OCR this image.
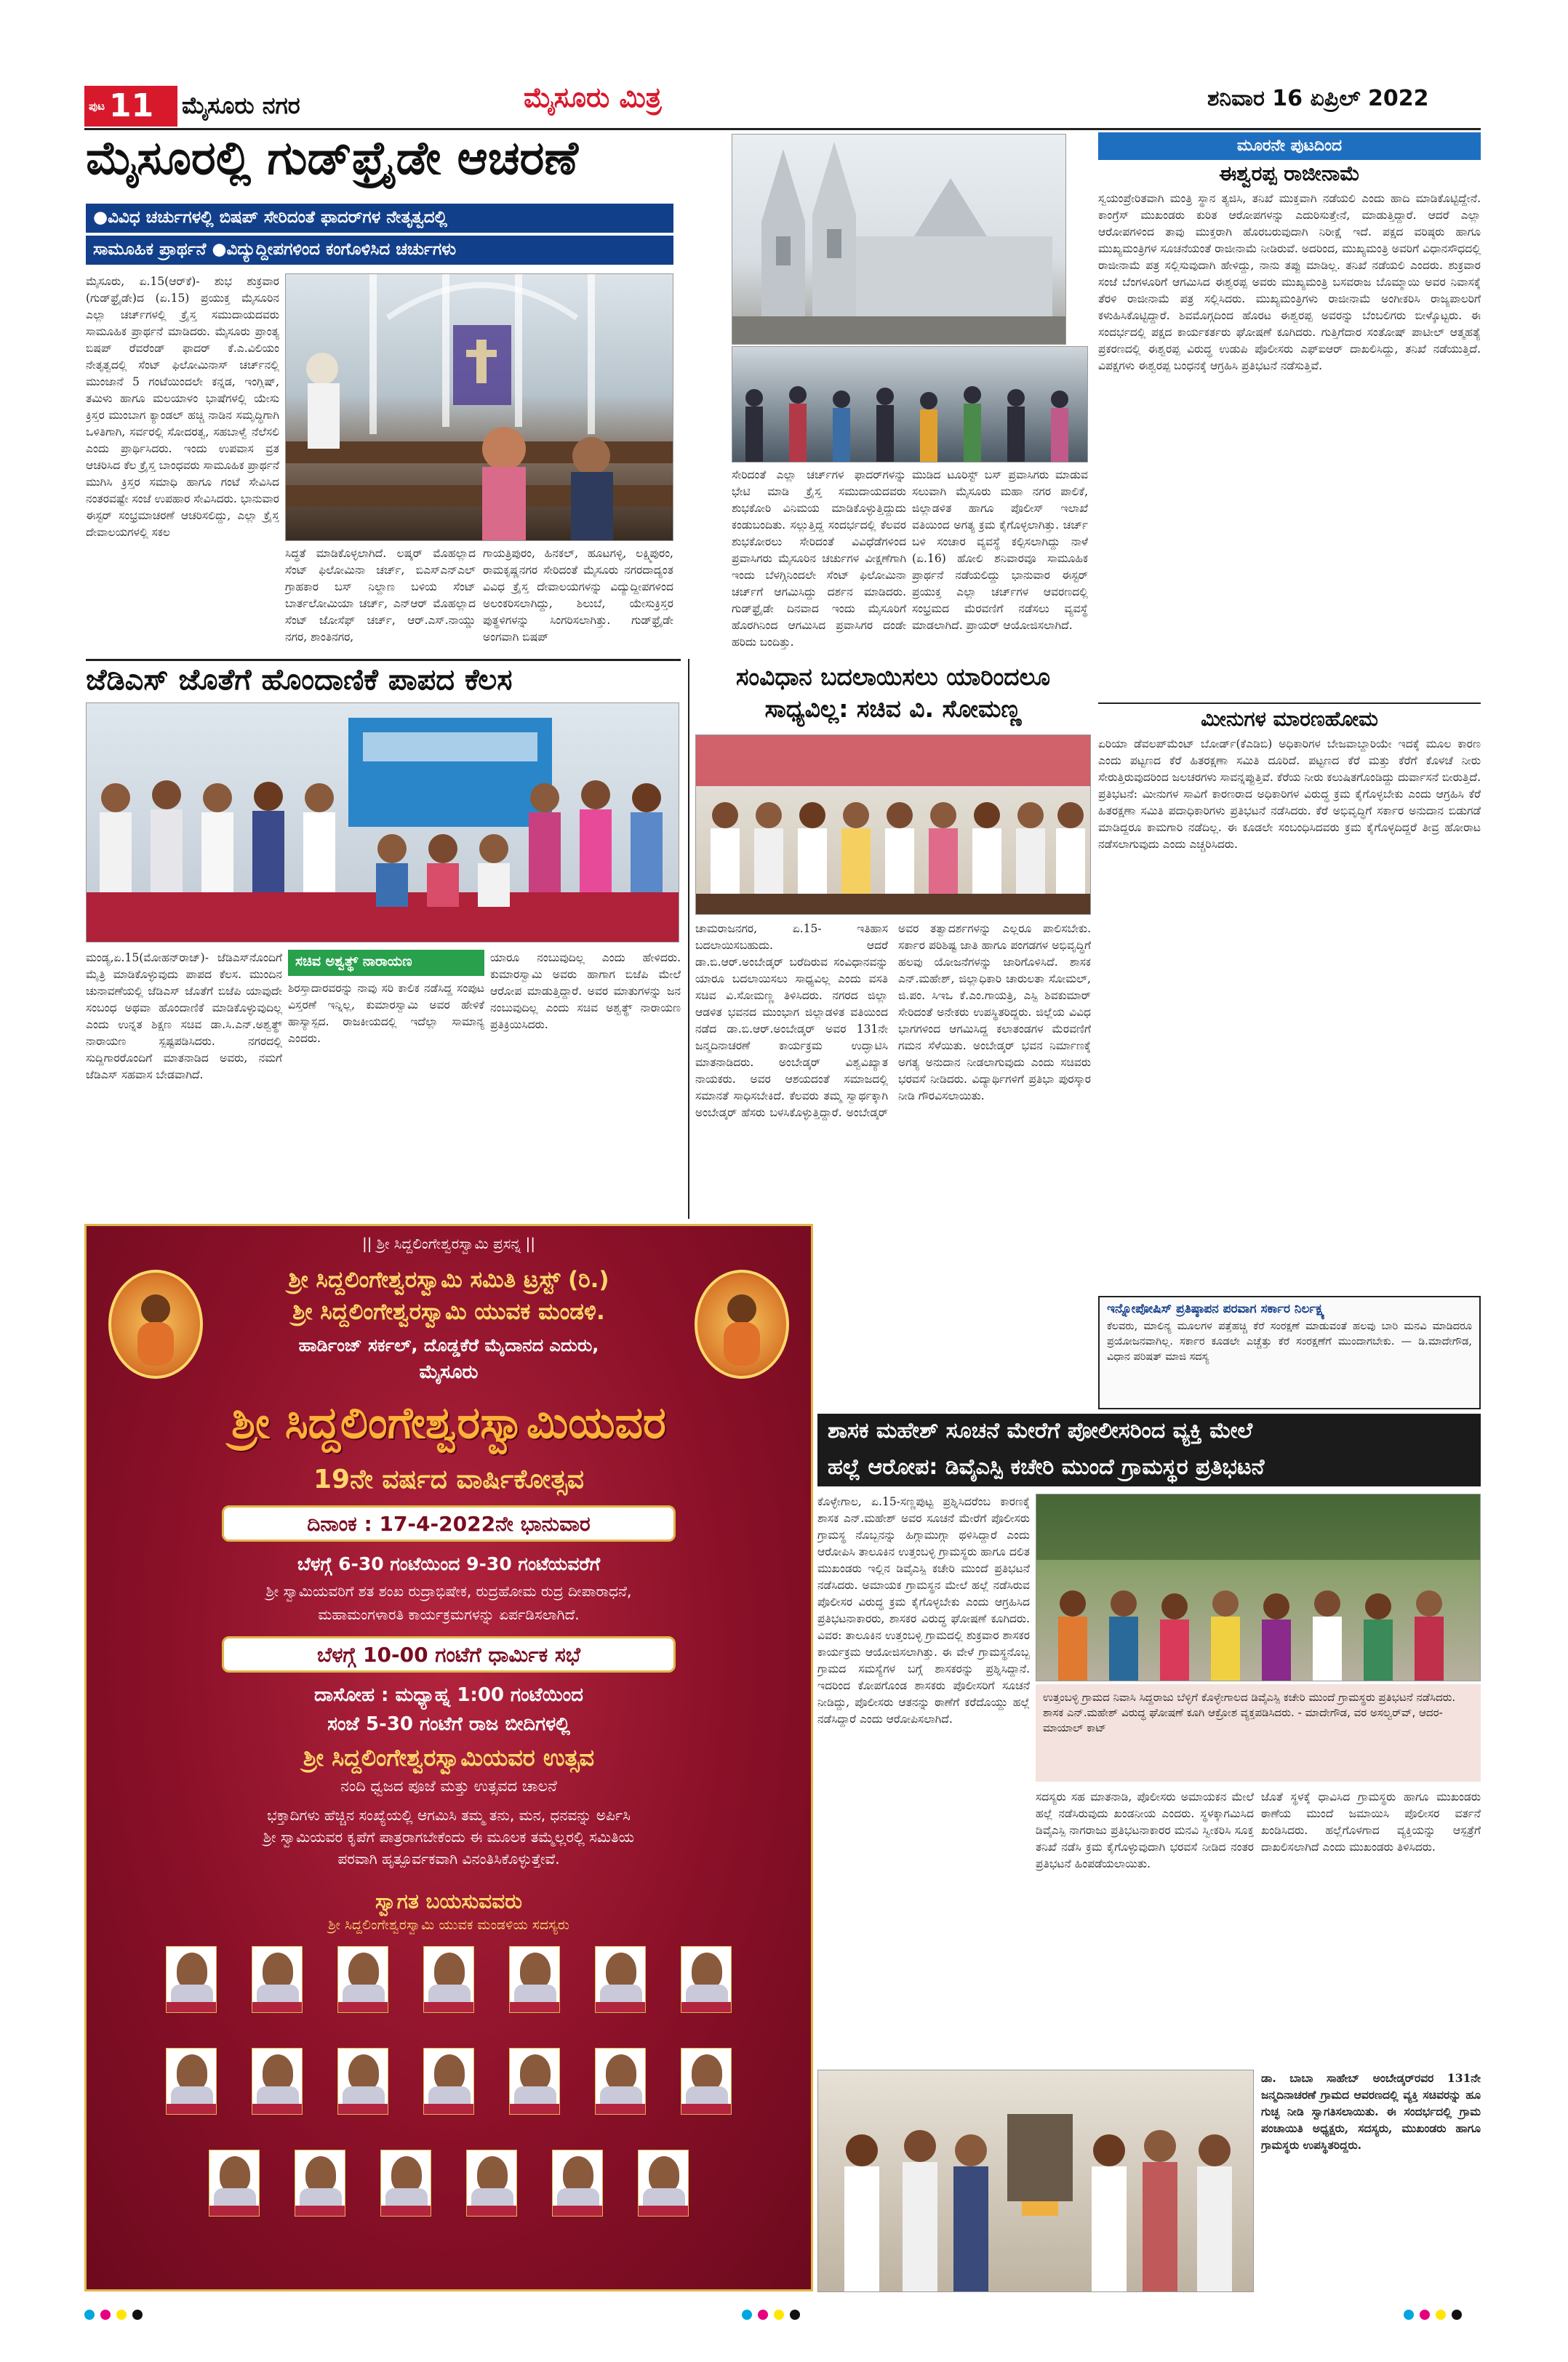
ಪುಟ 11 ಮೈಸೂರು ನಗರ	ಮೈಸೂರು ಮಿತ್ರ	ಶನಿವಾರ 16 ಏಪ್ರಿಲ್ 2022
ಮೈಸೂರಲ್ಲಿ ಗುಡ್‌ಫ್ರೈಡೇ ಆಚರಣೆ
●ವಿವಿಧ ಚರ್ಚುಗಳಲ್ಲಿ ಬಿಷಪ್ ಸೇರಿದಂತೆ ಫಾದರ್‌ಗಳ ನೇತೃತ್ವದಲ್ಲಿ
ಸಾಮೂಹಿಕ ಪ್ರಾರ್ಥನೆ ●ವಿದ್ಯುದ್ದೀಪಗಳಿಂದ ಕಂಗೊಳಿಸಿದ ಚರ್ಚುಗಳು
ಮೈಸೂರು, ಏ.15(ಆರ್‌ಕೆ)- ಶುಭ ಶುಕ್ರವಾರ (ಗುಡ್‌ಫ್ರೈಡೇ)ದ (ಏ.15) ಪ್ರಯುಕ್ತ ಮೈಸೂರಿನ ಎಲ್ಲಾ ಚರ್ಚ್‌ಗಳಲ್ಲಿ ಕ್ರೈಸ್ತ ಸಮುದಾಯದವರು ಸಾಮೂಹಿಕ ಪ್ರಾರ್ಥನೆ ಮಾಡಿದರು. ಮೈಸೂರು ಪ್ರಾಂತ್ಯ ಬಿಷಪ್ ರೆವರೆಂಡ್ ಫಾದರ್ ಕೆ.ಎ.ವಿಲಿಯಂ ನೇತೃತ್ವದಲ್ಲಿ ಸೆಂಟ್ ಫಿಲೋಮಿನಾಸ್ ಚರ್ಚ್‌ನಲ್ಲಿ ಮುಂಜಾನೆ 5 ಗಂಟೆಯಿಂದಲೇ ಕನ್ನಡ, ಇಂಗ್ಲಿಷ್, ತಮಿಳು ಹಾಗೂ ಮಲಯಾಳಂ ಭಾಷೆಗಳಲ್ಲಿ ಯೇಸು ಕ್ರಿಸ್ತರ ಮುಂಬಾಗ ಕ್ಯಾಂಡಲ್ ಹಚ್ಚಿ ನಾಡಿನ ಸಮೃದ್ಧಿಗಾಗಿ ಒಳಿತಿಗಾಗಿ, ಸರ್ವರಲ್ಲಿ ಸೋದರತ್ವ, ಸಹಬಾಳ್ವೆ ನೆಲೆಸಲಿ ಎಂದು ಪ್ರಾರ್ಥಿಸಿದರು. ಇಂದು ಉಪವಾಸ ವ್ರತ ಆಚರಿಸಿದ ಕೆಲ ಕ್ರೈಸ್ತ ಬಾಂಧವರು ಸಾಮೂಹಿಕ ಪ್ರಾರ್ಥನೆ ಮುಗಿಸಿ ಕ್ರಿಸ್ತರ ಸಮಾಧಿ ಹಾಗೂ ಗಂಟೆ ಸೇವಿಸಿದ ನಂತರವಷ್ಟೇ ಸಂಜೆ ಉಪಹಾರ ಸೇವಿಸಿದರು. ಭಾನುವಾರ ಈಸ್ಟರ್ ಸಂಭ್ರಮಾಚರಣೆ ಆಚರಿಸಲಿದ್ದು, ಎಲ್ಲಾ ಕ್ರೈಸ್ತ ದೇವಾಲಯಗಳಲ್ಲಿ ಸಕಲ
ಸಿದ್ಧತೆ ಮಾಡಿಕೊಳ್ಳಲಾಗಿದೆ. ಲಷ್ಕರ್ ಮೊಹಲ್ಲಾದ ಸೆಂಟ್ ಫಿಲೋಮಿನಾ ಚರ್ಚ್, ಬಿಎಸ್‌ಎನ್‌ಎಲ್ ಗ್ರಾಹಕಾರ ಬಸ್ ನಿಲ್ದಾಣ ಬಳಿಯ ಸೆಂಟ್ ಬಾರ್ತಲೋಮಿಯಾ ಚರ್ಚ್, ಎನ್‌ಆರ್ ಮೊಹಲ್ಲಾದ ಸೆಂಟ್ ಜೋಸೆಫ್ ಚರ್ಚ್, ಆರ್.ಎಸ್.ನಾಯ್ಡು ನಗರ, ಶಾಂತಿನಗರ,
ಗಾಯತ್ರಿಪುರಂ, ಹಿನಕಲ್, ಹೂಟಗಳ್ಳಿ, ಲಕ್ಷ್ಮಿಪುರಂ, ರಾಮಕೃಷ್ಣನಗರ ಸೇರಿದಂತೆ ಮೈಸೂರು ನಗರದಾದ್ಯಂತ ವಿವಿಧ ಕ್ರೈಸ್ತ ದೇವಾಲಯಗಳನ್ನು ವಿದ್ಯುದ್ದೀಪಗಳಿಂದ ಅಲಂಕರಿಸಲಾಗಿದ್ದು, ಶಿಲುಬೆ, ಯೇಸುಕ್ರಿಸ್ತರ ಪುತ್ಥಳಿಗಳನ್ನು ಸಿಂಗರಿಸಲಾಗಿತ್ತು. ಗುಡ್‌ಫ್ರೈಡೇ ಅಂಗವಾಗಿ ಬಿಷಪ್
ಸೇರಿದಂತೆ ಎಲ್ಲಾ ಚರ್ಚ್‌ಗಳ ಫಾದರ್‌ಗಳನ್ನು ಭೇಟಿ ಮಾಡಿ ಕ್ರೈಸ್ತ ಸಮುದಾಯದವರು ಶುಭಕೋರಿ ವಿನಿಮಯ ಮಾಡಿಕೊಳ್ಳುತ್ತಿದ್ದುದು ಕಂಡುಬಂದಿತು. ಸಲ್ಲುತ್ತಿದ್ದ ಸಂದರ್ಭದಲ್ಲಿ ಕೆಲವರ ಶುಭಕೋರಲು ಸೇರಿದಂತೆ ವಿವಿಧೆಡೆಗಳಿಂದ ಪ್ರವಾಸಿಗರು ಮೈಸೂರಿನ ಚರ್ಚುಗಳ ವೀಕ್ಷಣೆಗಾಗಿ ಇಂದು ಬೆಳಗ್ಗಿನಿಂದಲೇ ಸೆಂಟ್ ಫಿಲೋಮಿನಾ ಚರ್ಚ್‌ಗೆ ಆಗಮಿಸಿದ್ದು ದರ್ಶನ ಮಾಡಿದರು. ಗುಡ್‌ಫ್ರೈಡೇ ದಿನವಾದ ಇಂದು ಮೈಸೂರಿಗೆ ಹೊರಗಿನಿಂದ ಆಗಮಿಸಿದ ಪ್ರವಾಸಿಗರ ದಂಡೇ ಹರಿದು ಬಂದಿತ್ತು.
ಮುಡಿದ ಟೂರಿಸ್ಟ್ ಬಸ್ ಪ್ರವಾಸಿಗರು ಮಾಡುವ ಸಲುವಾಗಿ ಮೈಸೂರು ಮಹಾ ನಗರ ಪಾಲಿಕೆ, ಜಿಲ್ಲಾಡಳಿತ ಹಾಗೂ ಪೊಲೀಸ್ ಇಲಾಖೆ ವತಿಯಿಂದ ಅಗತ್ಯ ಕ್ರಮ ಕೈಗೊಳ್ಳಲಾಗಿತ್ತು. ಚರ್ಚ್ ಬಳಿ ಸಂಚಾರ ವ್ಯವಸ್ಥೆ ಕಲ್ಪಿಸಲಾಗಿದ್ದು ನಾಳೆ (ಏ.16) ಹೋಲಿ ಶನಿವಾರವೂ ಸಾಮೂಹಿಕ ಪ್ರಾರ್ಥನೆ ನಡೆಯಲಿದ್ದು ಭಾನುವಾರ ಈಸ್ಟರ್ ಪ್ರಯುಕ್ತ ಎಲ್ಲಾ ಚರ್ಚ್‌ಗಳ ಆವರಣದಲ್ಲಿ ಸಂಭ್ರಮದ ಮೆರವಣಿಗೆ ನಡೆಸಲು ವ್ಯವಸ್ಥೆ ಮಾಡಲಾಗಿದೆ. ಪ್ರಾಯರ್ ಆಯೋಜಿಸಲಾಗಿದೆ.
ಮೂರನೇ ಪುಟದಿಂದ
ಈಶ್ವರಪ್ಪ ರಾಜೀನಾಮೆ
ಸ್ವಯಂಪ್ರೇರಿತವಾಗಿ ಮಂತ್ರಿ ಸ್ಥಾನ ತ್ಯಜಿಸಿ, ತನಿಖೆ ಮುಕ್ತವಾಗಿ ನಡೆಯಲಿ ಎಂದು ಹಾದಿ ಮಾಡಿಕೊಟ್ಟಿದ್ದೇನೆ. ಕಾಂಗ್ರೆಸ್ ಮುಖಂಡರು ಕುರಿತ ಆರೋಪಗಳನ್ನು ಎದುರಿಸುತ್ತೇನೆ, ಮಾಡುತ್ತಿದ್ದಾರೆ. ಆದರೆ ಎಲ್ಲಾ ಆರೋಪಗಳಿಂದ ತಾವು ಮುಕ್ತರಾಗಿ ಹೊರಬರುವುದಾಗಿ ನಿರೀಕ್ಷೆ ಇದೆ. ಪಕ್ಷದ ವರಿಷ್ಠರು ಹಾಗೂ ಮುಖ್ಯಮಂತ್ರಿಗಳ ಸೂಚನೆಯಂತೆ ರಾಜೀನಾಮೆ ನೀಡಿರುವೆ. ಅದರಿಂದ, ಮುಖ್ಯಮಂತ್ರಿ ಅವರಿಗೆ ವಿಧಾನಸೌಧದಲ್ಲಿ ರಾಜೀನಾಮೆ ಪತ್ರ ಸಲ್ಲಿಸುವುದಾಗಿ ಹೇಳಿದ್ದು, ನಾನು ತಪ್ಪು ಮಾಡಿಲ್ಲ. ತನಿಖೆ ನಡೆಯಲಿ ಎಂದರು. ಶುಕ್ರವಾರ ಸಂಜೆ ಬೆಂಗಳೂರಿಗೆ ಆಗಮಿಸಿದ ಈಶ್ವರಪ್ಪ ಅವರು ಮುಖ್ಯಮಂತ್ರಿ ಬಸವರಾಜ ಬೊಮ್ಮಾಯಿ ಅವರ ನಿವಾಸಕ್ಕೆ ತೆರಳಿ ರಾಜೀನಾಮೆ ಪತ್ರ ಸಲ್ಲಿಸಿದರು. ಮುಖ್ಯಮಂತ್ರಿಗಳು ರಾಜೀನಾಮೆ ಅಂಗೀಕರಿಸಿ ರಾಜ್ಯಪಾಲರಿಗೆ ಕಳುಹಿಸಿಕೊಟ್ಟಿದ್ದಾರೆ. ಶಿವಮೊಗ್ಗದಿಂದ ಹೊರಟ ಈಶ್ವರಪ್ಪ ಅವರನ್ನು ಬೆಂಬಲಿಗರು ಬೀಳ್ಕೊಟ್ಟರು. ಈ ಸಂದರ್ಭದಲ್ಲಿ ಪಕ್ಷದ ಕಾರ್ಯಕರ್ತರು ಘೋಷಣೆ ಕೂಗಿದರು. ಗುತ್ತಿಗೆದಾರ ಸಂತೋಷ್ ಪಾಟೀಲ್ ಆತ್ಮಹತ್ಯೆ ಪ್ರಕರಣದಲ್ಲಿ ಈಶ್ವರಪ್ಪ ವಿರುದ್ಧ ಉಡುಪಿ ಪೊಲೀಸರು ಎಫ್‌ಐಆರ್ ದಾಖಲಿಸಿದ್ದು, ತನಿಖೆ ನಡೆಯುತ್ತಿದೆ. ವಿಪಕ್ಷಗಳು ಈಶ್ವರಪ್ಪ ಬಂಧನಕ್ಕೆ ಆಗ್ರಹಿಸಿ ಪ್ರತಿಭಟನೆ ನಡೆಸುತ್ತಿವೆ.
ಮೀನುಗಳ ಮಾರಣಹೋಮ
ಏರಿಯಾ ಡೆವಲಪ್‌ಮೆಂಟ್ ಬೋರ್ಡ್(ಕೆಎಡಿಬಿ) ಅಧಿಕಾರಿಗಳ ಬೇಜವಾಬ್ದಾರಿಯೇ ಇದಕ್ಕೆ ಮೂಲ ಕಾರಣ ಎಂದು ಪಟ್ಟಣದ ಕೆರೆ ಹಿತರಕ್ಷಣಾ ಸಮಿತಿ ದೂರಿದೆ. ಪಟ್ಟಣದ ಕೆರೆ ಮತ್ತು ಕೆರೆಗೆ ಕೊಳಚೆ ನೀರು ಸೇರುತ್ತಿರುವುದರಿಂದ ಜಲಚರಗಳು ಸಾವನ್ನಪ್ಪುತ್ತಿವೆ. ಕೆರೆಯ ನೀರು ಕಲುಷಿತಗೊಂಡಿದ್ದು ದುರ್ವಾಸನೆ ಬೀರುತ್ತಿದೆ. ಪ್ರತಿಭಟನೆ: ಮೀನುಗಳ ಸಾವಿಗೆ ಕಾರಣರಾದ ಅಧಿಕಾರಿಗಳ ವಿರುದ್ಧ ಕ್ರಮ ಕೈಗೊಳ್ಳಬೇಕು ಎಂದು ಆಗ್ರಹಿಸಿ ಕೆರೆ ಹಿತರಕ್ಷಣಾ ಸಮಿತಿ ಪದಾಧಿಕಾರಿಗಳು ಪ್ರತಿಭಟನೆ ನಡೆಸಿದರು. ಕೆರೆ ಅಭಿವೃದ್ಧಿಗೆ ಸರ್ಕಾರ ಅನುದಾನ ಬಿಡುಗಡೆ ಮಾಡಿದ್ದರೂ ಕಾಮಗಾರಿ ನಡೆದಿಲ್ಲ. ಈ ಕೂಡಲೇ ಸಂಬಂಧಿಸಿದವರು ಕ್ರಮ ಕೈಗೊಳ್ಳದಿದ್ದರೆ ತೀವ್ರ ಹೋರಾಟ ನಡೆಸಲಾಗುವುದು ಎಂದು ಎಚ್ಚರಿಸಿದರು.
ಇನ್ನೋಪೋಷಿಸ್ ಪ್ರತಿಷ್ಠಾಪನ ಪರವಾಗ ಸರ್ಕಾರ ನಿರ್ಲಕ್ಷ್ಯ
ಕೆಲವರು, ಮಾಲಿನ್ಯ ಮೂಲಗಳ ಪತ್ತೆಹಚ್ಚಿ ಕೆರೆ ಸಂರಕ್ಷಣೆ ಮಾಡುವಂತೆ ಹಲವು ಬಾರಿ ಮನವಿ ಮಾಡಿದರೂ ಪ್ರಯೋಜನವಾಗಿಲ್ಲ. ಸರ್ಕಾರ ಕೂಡಲೇ ಎಚ್ಚೆತ್ತು ಕೆರೆ ಸಂರಕ್ಷಣೆಗೆ ಮುಂದಾಗಬೇಕು. — ಡಿ.ಮಾದೇಗೌಡ, ವಿಧಾನ ಪರಿಷತ್ ಮಾಜಿ ಸದಸ್ಯ
ಜೆಡಿಎಸ್ ಜೊತೆಗೆ ಹೊಂದಾಣಿಕೆ ಪಾಪದ ಕೆಲಸ
ಮಂಡ್ಯ,ಏ.15(ಮೋಹನ್‌ರಾಜ್)- ಜೆಡಿಎಸ್‌ನೊಂದಿಗೆ ಮೈತ್ರಿ ಮಾಡಿಕೊಳ್ಳುವುದು ಪಾಪದ ಕೆಲಸ. ಮುಂದಿನ ಚುನಾವಣೆಯಲ್ಲಿ ಜೆಡಿಎಸ್ ಜೊತೆಗೆ ಬಿಜೆಪಿ ಯಾವುದೇ ಸಂಬಂಧ ಅಥವಾ ಹೊಂದಾಣಿಕೆ ಮಾಡಿಕೊಳ್ಳುವುದಿಲ್ಲ ಎಂದು ಉನ್ನತ ಶಿಕ್ಷಣ ಸಚಿವ ಡಾ.ಸಿ.ಎನ್.ಅಶ್ವತ್ಥ್ ನಾರಾಯಣ ಸ್ಪಷ್ಟಪಡಿಸಿದರು. ನಗರದಲ್ಲಿ ಸುದ್ದಿಗಾರರೊಂದಿಗೆ ಮಾತನಾಡಿದ ಅವರು, ನಮಗೆ ಜೆಡಿಎಸ್ ಸಹವಾಸ ಬೇಡವಾಗಿದೆ.
ಸಚಿವ ಅಶ್ವತ್ಥ್ ನಾರಾಯಣ
ಶಿರಸ್ತಾದಾರವರನ್ನು ನಾವು ಸರಿ ಕಾಲಿಕ ನಡೆಸಿದ್ದ ಸಂಪುಟ ವಿಸ್ತರಣೆ ಇನ್ನಿಲ್ಲ, ಕುಮಾರಸ್ವಾಮಿ ಅವರ ಹೇಳಿಕೆ ಹಾಸ್ಯಾಸ್ಪದ. ರಾಜಕೀಯದಲ್ಲಿ ಇದೆಲ್ಲಾ ಸಾಮಾನ್ಯ ಎಂದರು.
ಯಾರೂ ನಂಬುವುದಿಲ್ಲ ಎಂದು ಹೇಳಿದರು. ಕುಮಾರಸ್ವಾಮಿ ಅವರು ಹಾಗಾಗ ಬಿಜೆಪಿ ಮೇಲೆ ಆರೋಪ ಮಾಡುತ್ತಿದ್ದಾರೆ. ಅವರ ಮಾತುಗಳನ್ನು ಜನ ನಂಬುವುದಿಲ್ಲ ಎಂದು ಸಚಿವ ಅಶ್ವತ್ಥ್ ನಾರಾಯಣ ಪ್ರತಿಕ್ರಿಯಿಸಿದರು.
ಸಂವಿಧಾನ ಬದಲಾಯಿಸಲು ಯಾರಿಂದಲೂ
ಸಾಧ್ಯವಿಲ್ಲ: ಸಚಿವ ವಿ. ಸೋಮಣ್ಣ
ಚಾಮರಾಜನಗರ, ಏ.15- ಇತಿಹಾಸ ಬದಲಾಯಿಸಬಹುದು. ಆದರೆ ಡಾ.ಬಿ.ಆರ್.ಅಂಬೇಡ್ಕರ್ ಬರೆದಿರುವ ಸಂವಿಧಾನವನ್ನು ಯಾರೂ ಬದಲಾಯಿಸಲು ಸಾಧ್ಯವಿಲ್ಲ ಎಂದು ವಸತಿ ಸಚಿವ ವಿ.ಸೋಮಣ್ಣ ತಿಳಿಸಿದರು. ನಗರದ ಜಿಲ್ಲಾ ಆಡಳಿತ ಭವನದ ಮುಂಭಾಗ ಜಿಲ್ಲಾಡಳಿತ ವತಿಯಿಂದ ನಡೆದ ಡಾ.ಬಿ.ಆರ್.ಅಂಬೇಡ್ಕರ್ ಅವರ 131ನೇ ಜನ್ಮದಿನಾಚರಣೆ ಕಾರ್ಯಕ್ರಮ ಉದ್ಘಾಟಿಸಿ ಮಾತನಾಡಿದರು. ಅಂಬೇಡ್ಕರ್ ವಿಶ್ವವಿಖ್ಯಾತ ನಾಯಕರು. ಅವರ ಆಶಯದಂತೆ ಸಮಾಜದಲ್ಲಿ ಸಮಾನತೆ ಸಾಧಿಸಬೇಕಿದೆ. ಕೆಲವರು ತಮ್ಮ ಸ್ವಾರ್ಥಕ್ಕಾಗಿ ಅಂಬೇಡ್ಕರ್ ಹೆಸರು ಬಳಸಿಕೊಳ್ಳುತ್ತಿದ್ದಾರೆ. ಅಂಬೇಡ್ಕರ್ ಅವರ ತತ್ವಾದರ್ಶಗಳನ್ನು ಎಲ್ಲರೂ ಪಾಲಿಸಬೇಕು. ಸರ್ಕಾರ ಪರಿಶಿಷ್ಟ ಜಾತಿ ಹಾಗೂ ಪಂಗಡಗಳ ಅಭಿವೃದ್ಧಿಗೆ ಹಲವು ಯೋಜನೆಗಳನ್ನು ಜಾರಿಗೊಳಿಸಿದೆ. ಶಾಸಕ ಎನ್.ಮಹೇಶ್, ಜಿಲ್ಲಾಧಿಕಾರಿ ಚಾರುಲತಾ ಸೋಮಲ್, ಜಿ.ಪಂ. ಸಿಇಒ ಕೆ.ಎಂ.ಗಾಯತ್ರಿ, ಎಸ್ಪಿ ಶಿವಕುಮಾರ್ ಸೇರಿದಂತೆ ಅನೇಕರು ಉಪಸ್ಥಿತರಿದ್ದರು. ಜಿಲ್ಲೆಯ ವಿವಿಧ ಭಾಗಗಳಿಂದ ಆಗಮಿಸಿದ್ದ ಕಲಾತಂಡಗಳ ಮೆರವಣಿಗೆ ಗಮನ ಸೆಳೆಯಿತು. ಅಂಬೇಡ್ಕರ್ ಭವನ ನಿರ್ಮಾಣಕ್ಕೆ ಅಗತ್ಯ ಅನುದಾನ ನೀಡಲಾಗುವುದು ಎಂದು ಸಚಿವರು ಭರವಸೆ ನೀಡಿದರು. ವಿದ್ಯಾರ್ಥಿಗಳಿಗೆ ಪ್ರತಿಭಾ ಪುರಸ್ಕಾರ ನೀಡಿ ಗೌರವಿಸಲಾಯಿತು.
|| ಶ್ರೀ ಸಿದ್ದಲಿಂಗೇಶ್ವರಸ್ವಾಮಿ ಪ್ರಸನ್ನ ||
ಶ್ರೀ ಸಿದ್ದಲಿಂಗೇಶ್ವರಸ್ವಾಮಿ ಸಮಿತಿ ಟ್ರಸ್ಟ್ (ರಿ.)
ಶ್ರೀ ಸಿದ್ದಲಿಂಗೇಶ್ವರಸ್ವಾಮಿ ಯುವಕ ಮಂಡಳಿ.
ಹಾರ್ಡಿಂಜ್ ಸರ್ಕಲ್, ದೊಡ್ಡಕೆರೆ ಮೈದಾನದ ಎದುರು,
ಮೈಸೂರು
ಶ್ರೀ ಸಿದ್ದಲಿಂಗೇಶ್ವರಸ್ವಾಮಿಯವರ
19ನೇ ವರ್ಷದ ವಾರ್ಷಿಕೋತ್ಸವ
ದಿನಾಂಕ : 17-4-2022ನೇ ಭಾನುವಾರ
ಬೆಳಗ್ಗೆ 6-30 ಗಂಟೆಯಿಂದ 9-30 ಗಂಟೆಯವರೆಗೆ
ಶ್ರೀ ಸ್ವಾಮಿಯವರಿಗೆ ಶತ ಶಂಖ ರುದ್ರಾಭಿಷೇಕ, ರುದ್ರಹೋಮ ರುದ್ರ ದೀಪಾರಾಧನೆ,
ಮಹಾಮಂಗಳಾರತಿ ಕಾರ್ಯಕ್ರಮಗಳನ್ನು ಏರ್ಪಡಿಸಲಾಗಿದೆ.
ಬೆಳಗ್ಗೆ 10-00 ಗಂಟೆಗೆ ಧಾರ್ಮಿಕ ಸಭೆ
ದಾಸೋಹ : ಮಧ್ಯಾಹ್ನ 1:00 ಗಂಟೆಯಿಂದ
ಸಂಜೆ 5-30 ಗಂಟೆಗೆ ರಾಜ ಬೀದಿಗಳಲ್ಲಿ
ಶ್ರೀ ಸಿದ್ದಲಿಂಗೇಶ್ವರಸ್ವಾಮಿಯವರ ಉತ್ಸವ
ನಂದಿ ಧ್ವಜದ ಪೂಜೆ ಮತ್ತು ಉತ್ಸವದ ಚಾಲನೆ
ಭಕ್ತಾದಿಗಳು ಹೆಚ್ಚಿನ ಸಂಖ್ಯೆಯಲ್ಲಿ ಆಗಮಿಸಿ ತಮ್ಮ ತನು, ಮನ, ಧನವನ್ನು ಅರ್ಪಿಸಿ
ಶ್ರೀ ಸ್ವಾಮಿಯವರ ಕೃಪೆಗೆ ಪಾತ್ರರಾಗಬೇಕೆಂದು ಈ ಮೂಲಕ ತಮ್ಮೆಲ್ಲರಲ್ಲಿ ಸಮಿತಿಯ
ಪರವಾಗಿ ಹೃತ್ಪೂರ್ವಕವಾಗಿ ವಿನಂತಿಸಿಕೊಳ್ಳುತ್ತೇವೆ.
ಸ್ವಾಗತ ಬಯಸುವವರು
ಶ್ರೀ ಸಿದ್ದಲಿಂಗೇಶ್ವರಸ್ವಾಮಿ ಯುವಕ ಮಂಡಳಿಯ ಸದಸ್ಯರು
ಶಾಸಕ ಮಹೇಶ್ ಸೂಚನೆ ಮೇರೆಗೆ ಪೋಲೀಸರಿಂದ ವ್ಯಕ್ತಿ ಮೇಲೆ
ಹಲ್ಲೆ ಆರೋಪ: ಡಿವೈಎಸ್ಪಿ ಕಚೇರಿ ಮುಂದೆ ಗ್ರಾಮಸ್ಥರ ಪ್ರತಿಭಟನೆ
ಕೊಳ್ಳೇಗಾಲ, ಏ.15-ಸಣ್ಣಪುಟ್ಟ ಪ್ರಶ್ನಿಸಿದರೆಂಬ ಕಾರಣಕ್ಕೆ ಶಾಸಕ ಎನ್.ಮಹೇಶ್ ಅವರ ಸೂಚನೆ ಮೇರೆಗೆ ಪೊಲೀಸರು ಗ್ರಾಮಸ್ಥ ನೊಬ್ಬನನ್ನು ಹಿಗ್ಗಾಮುಗ್ಗಾ ಥಳಿಸಿದ್ದಾರೆ ಎಂದು ಆರೋಪಿಸಿ ತಾಲೂಕಿನ ಉತ್ತಂಬಳ್ಳಿ ಗ್ರಾಮಸ್ಥರು ಹಾಗೂ ದಲಿತ ಮುಖಂಡರು ಇಲ್ಲಿನ ಡಿವೈಎಸ್ಪಿ ಕಚೇರಿ ಮುಂದೆ ಪ್ರತಿಭಟನೆ ನಡೆಸಿದರು. ಅಮಾಯಕ ಗ್ರಾಮಸ್ಥನ ಮೇಲೆ ಹಲ್ಲೆ ನಡೆಸಿರುವ ಪೊಲೀಸರ ವಿರುದ್ಧ ಕ್ರಮ ಕೈಗೊಳ್ಳಬೇಕು ಎಂದು ಆಗ್ರಹಿಸಿದ ಪ್ರತಿಭಟನಾಕಾರರು, ಶಾಸಕರ ವಿರುದ್ಧ ಘೋಷಣೆ ಕೂಗಿದರು. ವಿವರ: ತಾಲೂಕಿನ ಉತ್ತಂಬಳ್ಳಿ ಗ್ರಾಮದಲ್ಲಿ ಶುಕ್ರವಾರ ಶಾಸಕರ ಕಾರ್ಯಕ್ರಮ ಆಯೋಜಿಸಲಾಗಿತ್ತು. ಈ ವೇಳೆ ಗ್ರಾಮಸ್ಥನೊಬ್ಬ ಗ್ರಾಮದ ಸಮಸ್ಯೆಗಳ ಬಗ್ಗೆ ಶಾಸಕರನ್ನು ಪ್ರಶ್ನಿಸಿದ್ದಾನೆ. ಇದರಿಂದ ಕೋಪಗೊಂಡ ಶಾಸಕರು ಪೊಲೀಸರಿಗೆ ಸೂಚನೆ ನೀಡಿದ್ದು, ಪೊಲೀಸರು ಆತನನ್ನು ಠಾಣೆಗೆ ಕರೆದೊಯ್ದು ಹಲ್ಲೆ ನಡೆಸಿದ್ದಾರೆ ಎಂದು ಆರೋಪಿಸಲಾಗಿದೆ.
ಉತ್ತಂಬಳ್ಳಿ ಗ್ರಾಮದ ನಿವಾಸಿ ಸಿದ್ದರಾಜು ಬೆಳ್ಳಿಗೆ ಕೊಳ್ಳೇಗಾಲದ ಡಿವೈಎಸ್ಪಿ ಕಚೇರಿ ಮುಂದೆ ಗ್ರಾಮಸ್ಥರು ಪ್ರತಿಭಟನೆ ನಡೆಸಿದರು. ಶಾಸಕ ಎನ್.ಮಹೇಶ್ ವಿರುದ್ಧ ಘೋಷಣೆ ಕೂಗಿ ಆಕ್ರೋಶ ವ್ಯಕ್ತಪಡಿಸಿದರು. - ಮಾದೇಗೌಡ, ವರ ಅಸಲ್ವರ್‌ವ್, ಆದರ-ಮಾಯಾಲ್ ಕಾಟ್
ಸದಸ್ಯರು ಸಹ ಮಾತನಾಡಿ, ಪೊಲೀಸರು ಅಮಾಯಕನ ಮೇಲೆ ಹಲ್ಲೆ ನಡೆಸಿರುವುದು ಖಂಡನೀಯ ಎಂದರು. ಸ್ಥಳಕ್ಕಾಗಮಿಸಿದ ಡಿವೈಎಸ್ಪಿ ನಾಗರಾಜು ಪ್ರತಿಭಟನಾಕಾರರ ಮನವಿ ಸ್ವೀಕರಿಸಿ ಸೂಕ್ತ ತನಿಖೆ ನಡೆಸಿ ಕ್ರಮ ಕೈಗೊಳ್ಳುವುದಾಗಿ ಭರವಸೆ ನೀಡಿದ ನಂತರ ಪ್ರತಿಭಟನೆ ಹಿಂಪಡೆಯಲಾಯಿತು.
ಜೊತೆ ಸ್ಥಳಕ್ಕೆ ಧಾವಿಸಿದ ಗ್ರಾಮಸ್ಥರು ಹಾಗೂ ಮುಖಂಡರು ಠಾಣೆಯ ಮುಂದೆ ಜಮಾಯಿಸಿ ಪೊಲೀಸರ ವರ್ತನೆ ಖಂಡಿಸಿದರು. ಹಲ್ಲೆಗೊಳಗಾದ ವ್ಯಕ್ತಿಯನ್ನು ಆಸ್ಪತ್ರೆಗೆ ದಾಖಲಿಸಲಾಗಿದೆ ಎಂದು ಮುಖಂಡರು ತಿಳಿಸಿದರು.
ಡಾ. ಬಾಬಾ ಸಾಹೇಬ್ ಅಂಬೇಡ್ಕರ್‌ರವರ 131ನೇ ಜನ್ಮದಿನಾಚರಣೆ ಗ್ರಾಮದ ಆವರಣದಲ್ಲಿ ವ್ಯಕ್ತಿ ಸಚಿವರನ್ನು ಹೂ ಗುಚ್ಛ ನೀಡಿ ಸ್ವಾಗತಿಸಲಾಯಿತು. ಈ ಸಂದರ್ಭದಲ್ಲಿ ಗ್ರಾಮ ಪಂಚಾಯಿತಿ ಅಧ್ಯಕ್ಷರು, ಸದಸ್ಯರು, ಮುಖಂಡರು ಹಾಗೂ ಗ್ರಾಮಸ್ಥರು ಉಪಸ್ಥಿತರಿದ್ದರು.
